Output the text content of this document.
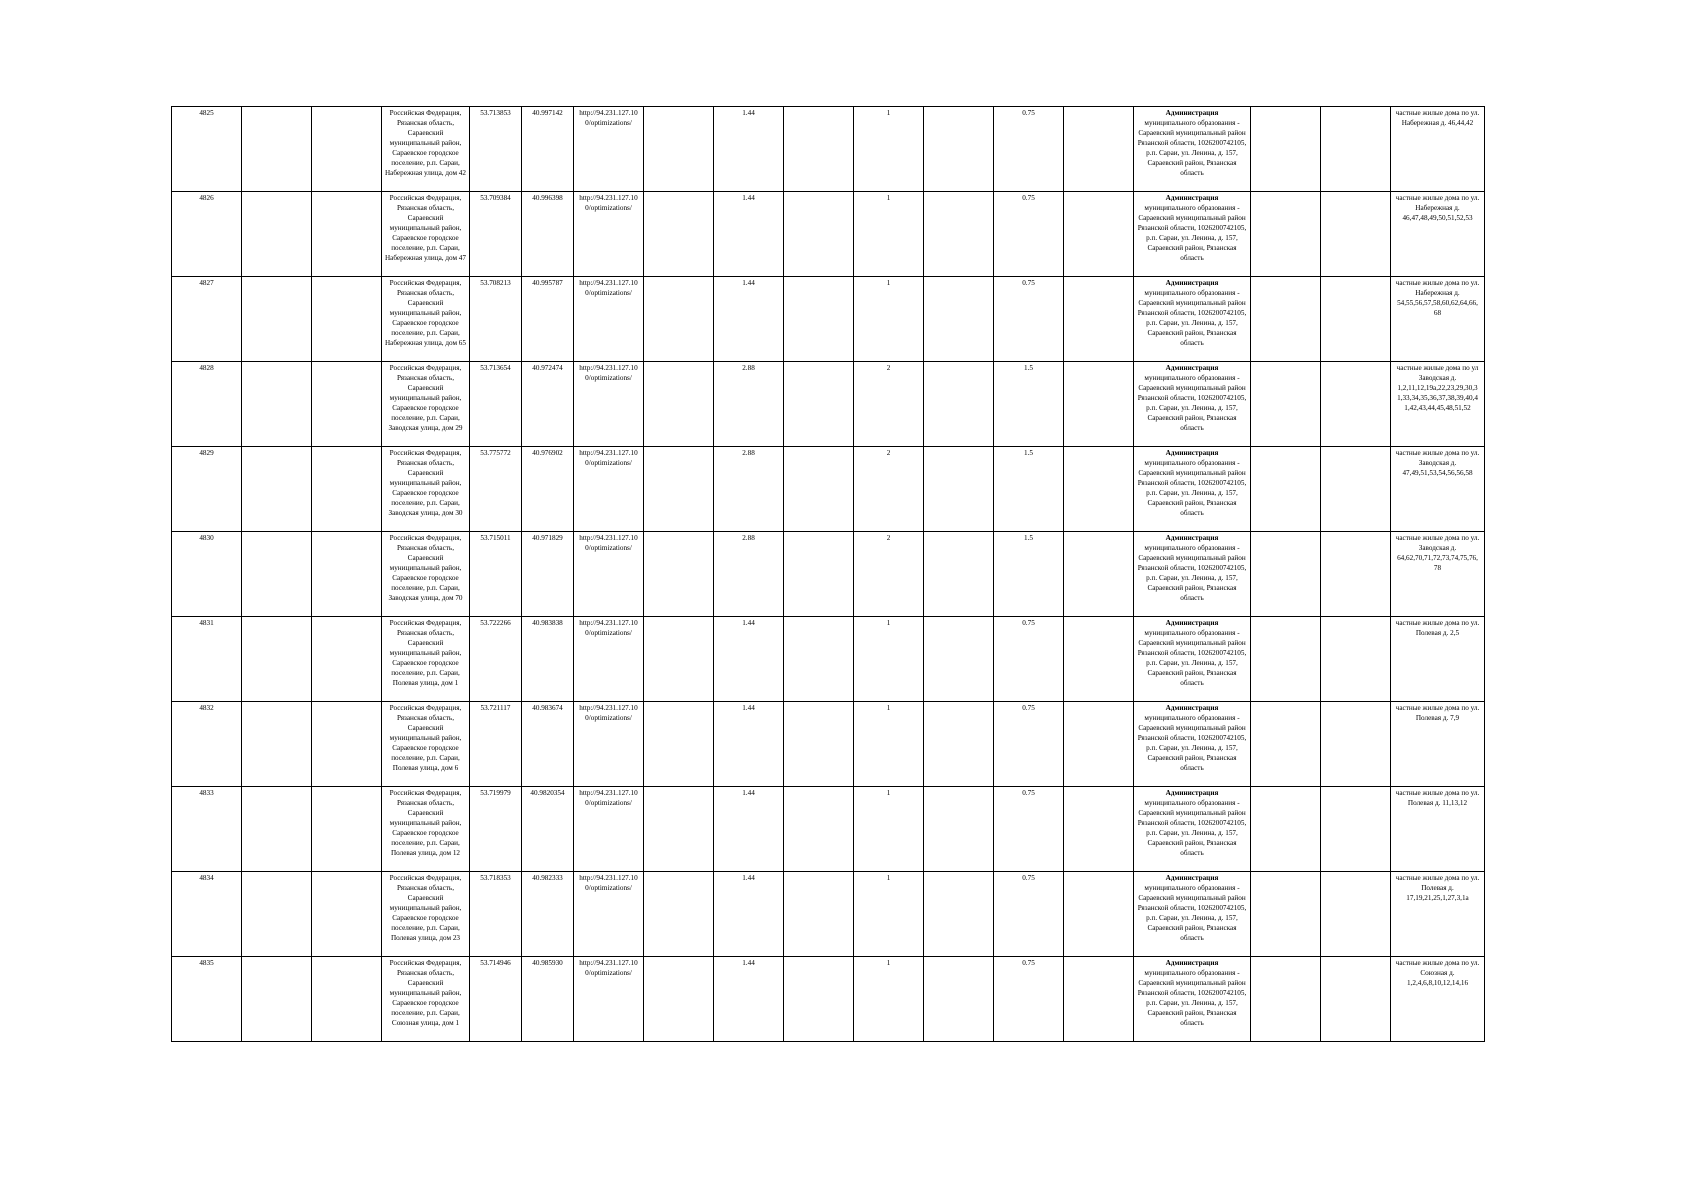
4825			Российская Федерация, Рязанская область, Сараевский муниципальный район, Сараевское городское поселение, р.п. Сараи, Набережная улица, дом 42	53.713853	40.997142	http://94.231.127.10 0/optimizations/		1.44		1		0.75		Администрация
муниципального образования - Сараевский муниципальный район Рязанской области, 1026200742105, р.п. Сараи, ул. Ленина, д. 157, Сараевский район, Рязанская область			частные жилые дома по ул. Набережная д. 46,44,42
4826			Российская Федерация, Рязанская область, Сараевский муниципальный район, Сараевское городское поселение, р.п. Сараи, Набережная улица, дом 47	53.709384	40.996398	http://94.231.127.10 0/optimizations/		1.44		1		0.75		Администрация
муниципального образования - Сараевский муниципальный район Рязанской области, 1026200742105, р.п. Сараи, ул. Ленина, д. 157, Сараевский район, Рязанская область			частные жилые дома по ул. Набережная д. 46,47,48,49,50,51,52,53
4827			Российская Федерация, Рязанская область, Сараевский муниципальный район, Сараевское городское поселение, р.п. Сараи, Набережная улица, дом 65	53.708213	40.995787	http://94.231.127.10 0/optimizations/		1.44		1		0.75		Администрация
муниципального образования - Сараевский муниципальный район Рязанской области, 1026200742105, р.п. Сараи, ул. Ленина, д. 157, Сараевский район, Рязанская область			частные жилые дома по ул. Набережная д. 54,55,56,57,58,60,62,64,66, 68
4828			Российская Федерация, Рязанская область, Сараевский муниципальный район, Сараевское городское поселение, р.п. Сараи, Заводская улица, дом 29	53.713654	40.972474	http://94.231.127.10 0/optimizations/		2.88		2		1.5		Администрация
муниципального образования - Сараевский муниципальный район Рязанской области, 1026200742105, р.п. Сараи, ул. Ленина, д. 157, Сараевский район, Рязанская область			частные жилые дома по ул Заводская д. 1,2,11,12,19a,22,23,29,30,3 1,33,34,35,36,37,38,39,40,4 1,42,43,44,45,48,51,52
4829			Российская Федерация, Рязанская область, Сараевский муниципальный район, Сараевское городское поселение, р.п. Сараи, Заводская улица, дом 30	53.775772	40.976902	http://94.231.127.10 0/optimizations/		2.88		2		1.5		Администрация
муниципального образования - Сараевский муниципальный район Рязанской области, 1026200742105, р.п. Сараи, ул. Ленина, д. 157, Сараевский район, Рязанская область			частные жилые дома по ул. Заводская д. 47,49,51,53,54,56,56,58
4830			Российская Федерация, Рязанская область, Сараевский муниципальный район, Сараевское городское поселение, р.п. Сараи, Заводская улица, дом 70	53.715011	40.971829	http://94.231.127.10 0/optimizations/		2.88		2		1.5		Администрация
муниципального образования - Сараевский муниципальный район Рязанской области, 1026200742105, р.п. Сараи, ул. Ленина, д. 157, Сараевский район, Рязанская область			частные жилые дома по ул. Заводская д. 64,62,70,71,72,73,74,75,76, 78
4831			Российская Федерация, Рязанская область, Сараевский муниципальный район, Сараевское городское поселение, р.п. Сараи, Полевая улица, дом 1	53.722266	40.983838	http://94.231.127.10 0/optimizations/		1.44		1		0.75		Администрация
муниципального образования - Сараевский муниципальный район Рязанской области, 1026200742105, р.п. Сараи, ул. Ленина, д. 157, Сараевский район, Рязанская область			частные жилые дома по ул. Полевая д. 2,5
4832			Российская Федерация, Рязанская область, Сараевский муниципальный район, Сараевское городское поселение, р.п. Сараи, Полевая улица, дом 6	53.721117	40.983674	http://94.231.127.10 0/optimizations/		1.44		1		0.75		Администрация
муниципального образования - Сараевский муниципальный район Рязанской области, 1026200742105, р.п. Сараи, ул. Ленина, д. 157, Сараевский район, Рязанская область			частные жилые дома по ул. Полевая д. 7,9
4833			Российская Федерация, Рязанская область, Сараевский муниципальный район, Сараевское городское поселение, р.п. Сараи, Полевая улица, дом 12	53.719979	40.9820354	http://94.231.127.10 0/optimizations/		1.44		1		0.75		Администрация
муниципального образования - Сараевский муниципальный район Рязанской области, 1026200742105, р.п. Сараи, ул. Ленина, д. 157, Сараевский район, Рязанская область			частные жилые дома по ул. Полевая д. 11,13,12
4834			Российская Федерация, Рязанская область, Сараевский муниципальный район, Сараевское городское поселение, р.п. Сараи, Полевая улица, дом 23	53.718353	40.982333	http://94.231.127.10 0/optimizations/		1.44		1		0.75		Администрация
муниципального образования - Сараевский муниципальный район Рязанской области, 1026200742105, р.п. Сараи, ул. Ленина, д. 157, Сараевский район, Рязанская область			частные жилые дома по ул. Полевая д. 17,19,21,25,1,27,3,1а
4835			Российская Федерация, Рязанская область, Сараевский муниципальный район, Сараевское городское поселение, р.п. Сараи, Союзная улица, дом 1	53.714946	40.985930	http://94.231.127.10 0/optimizations/		1.44		1		0.75		Администрация
муниципального образования - Сараевский муниципальный район Рязанской области, 1026200742105, р.п. Сараи, ул. Ленина, д. 157, Сараевский район, Рязанская область			частные жилые дома по ул. Союзная д. 1,2,4,6,8,10,12,14,16
